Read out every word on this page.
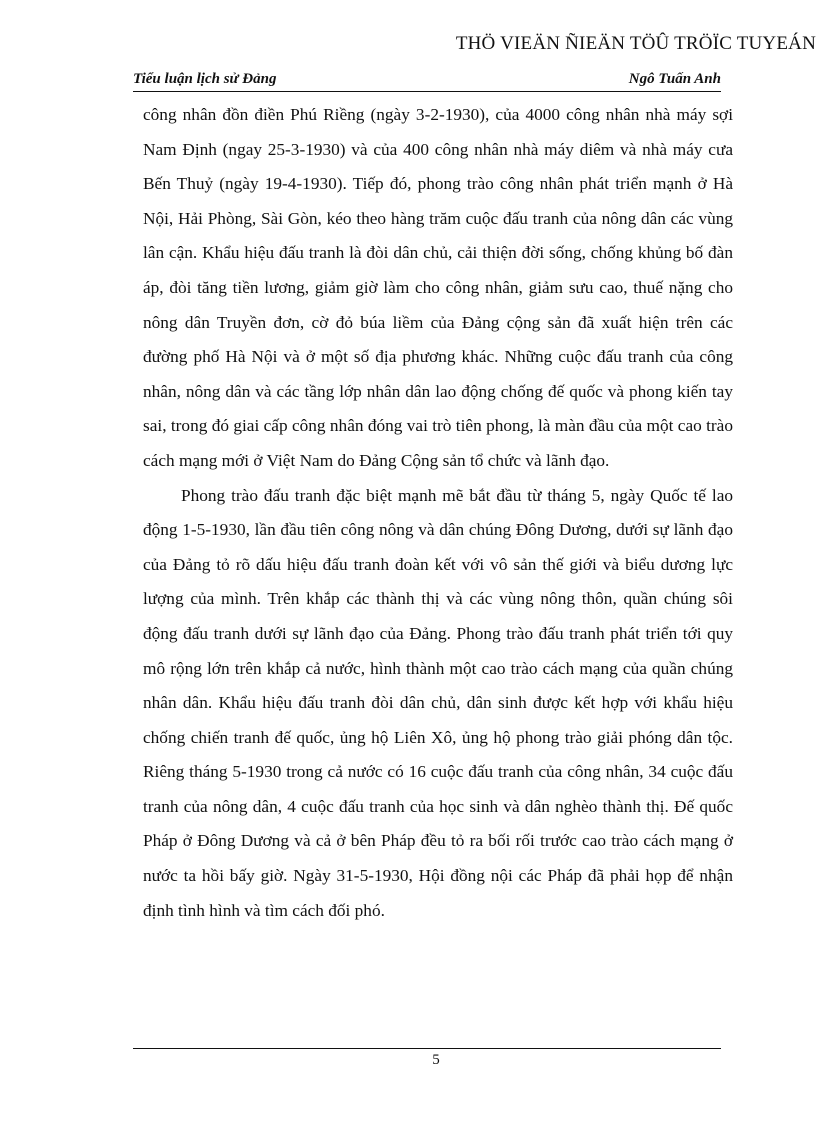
THÖ VIEÄN ÑIEÄN TÖÛ TRÖÏC TUYEÁN
Tiểu luận lịch sử Đảng	Ngô Tuấn Anh

công nhân đồn điền Phú Riềng (ngày 3-2-1930), của 4000 công nhân nhà máy sợi Nam Định (ngay 25-3-1930) và của 400 công nhân nhà máy diêm và nhà máy cưa Bến Thuỷ (ngày 19-4-1930). Tiếp đó, phong trào công nhân phát triển mạnh ở Hà Nội, Hải Phòng, Sài Gòn, kéo theo hàng trăm cuộc đấu tranh của nông dân các vùng lân cận. Khẩu hiệu đấu tranh là đòi dân chủ, cải thiện đời sống, chống khủng bố đàn áp, đòi tăng tiền lương, giảm giờ làm cho công nhân, giảm sưu cao, thuế nặng cho nông dân Truyền đơn, cờ đỏ búa liềm của Đảng cộng sản đã xuất hiện trên các đường phố Hà Nội và ở một số địa phương khác. Những cuộc đấu tranh của công nhân, nông dân và các tầng lớp nhân dân lao động chống đế quốc và phong kiến tay sai, trong đó giai cấp công nhân đóng vai trò tiên phong, là màn đầu của một cao trào cách mạng mới ở Việt Nam do Đảng Cộng sản tổ chức và lãnh đạo.

Phong trào đấu tranh đặc biệt mạnh mẽ bắt đầu từ tháng 5, ngày Quốc tế lao động 1-5-1930, lần đầu tiên công nông và dân chúng Đông Dương, dưới sự lãnh đạo của Đảng tỏ rõ dấu hiệu đấu tranh đoàn kết với vô sản thế giới và biểu dương lực lượng của mình. Trên khắp các thành thị và các vùng nông thôn, quần chúng sôi động đấu tranh dưới sự lãnh đạo của Đảng. Phong trào đấu tranh phát triển tới quy mô rộng lớn trên khắp cả nước, hình thành một cao trào cách mạng của quần chúng nhân dân. Khẩu hiệu đấu tranh đòi dân chủ, dân sinh được kết hợp với khẩu hiệu chống chiến tranh đế quốc, ủng hộ Liên Xô, ủng hộ phong trào giải phóng dân tộc. Riêng tháng 5-1930 trong cả nước có 16 cuộc đấu tranh của công nhân, 34 cuộc đấu tranh của nông dân, 4 cuộc đấu tranh của học sinh và dân nghèo thành thị. Đế quốc Pháp ở Đông Dương và cả ở bên Pháp đều tỏ ra bối rối trước cao trào cách mạng ở nước ta hồi bấy giờ. Ngày 31-5-1930, Hội đồng nội các Pháp đã phải họp để nhận định tình hình và tìm cách đối phó.

5
